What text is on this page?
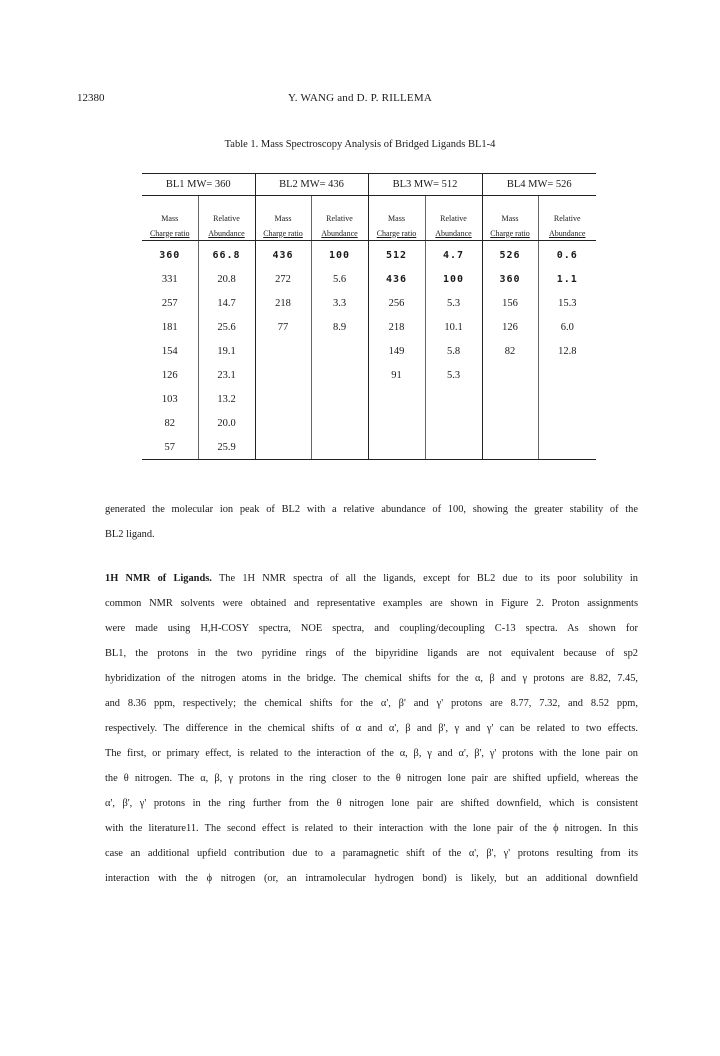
12380	Y. WANG and D. P. RILLEMA
Table 1. Mass Spectroscopy Analysis of Bridged Ligands BL1-4
BL1 MW= 360		BL2 MW= 436		BL3 MW= 512		BL4 MW= 526	
Mass	Relative	Mass	Relative	Mass	Relative	Mass	Relative
Charge ratio	Abundance	Charge ratio	Abundance	Charge ratio	Abundance	Charge ratio	Abundance
360	66.8	436	100	512	4.7	526	0.6
331	20.8	272	5.6	436	100	360	1.1
257	14.7	218	3.3	256	5.3	156	15.3
181	25.6	77	8.9	218	10.1	126	6.0
154	19.1			149	5.8	82	12.8
126	23.1			91	5.3		
103	13.2						
82	20.0						
57	25.9						
generated the molecular ion peak of BL2 with a relative abundance of 100, showing the greater stability of the
BL2 ligand.
1H NMR of Ligands. The 1H NMR spectra of all the ligands, except for BL2 due to its poor solubility in
common NMR solvents were obtained and representative examples are shown in Figure 2. Proton assignments
were made using H,H-COSY spectra, NOE spectra, and coupling/decoupling C-13 spectra. As shown for
BL1, the protons in the two pyridine rings of the bipyridine ligands are not equivalent because of sp2
hybridization of the nitrogen atoms in the bridge. The chemical shifts for the α, β and γ protons are 8.82, 7.45,
and 8.36 ppm, respectively; the chemical shifts for the α', β' and γ' protons are 8.77, 7.32, and 8.52 ppm,
respectively. The difference in the chemical shifts of α and α', β and β', γ and γ' can be related to two effects.
The first, or primary effect, is related to the interaction of the α, β, γ and α', β', γ' protons with the lone pair on
the θ nitrogen. The α, β, γ protons in the ring closer to the θ nitrogen lone pair are shifted upfield, whereas the
α', β', γ' protons in the ring further from the θ nitrogen lone pair are shifted downfield, which is consistent
with the literature11. The second effect is related to their interaction with the lone pair of the ϕ nitrogen. In this
case an additional upfield contribution due to a paramagnetic shift of the α', β', γ' protons resulting from its
interaction with the ϕ nitrogen (or, an intramolecular hydrogen bond) is likely, but an additional downfield
